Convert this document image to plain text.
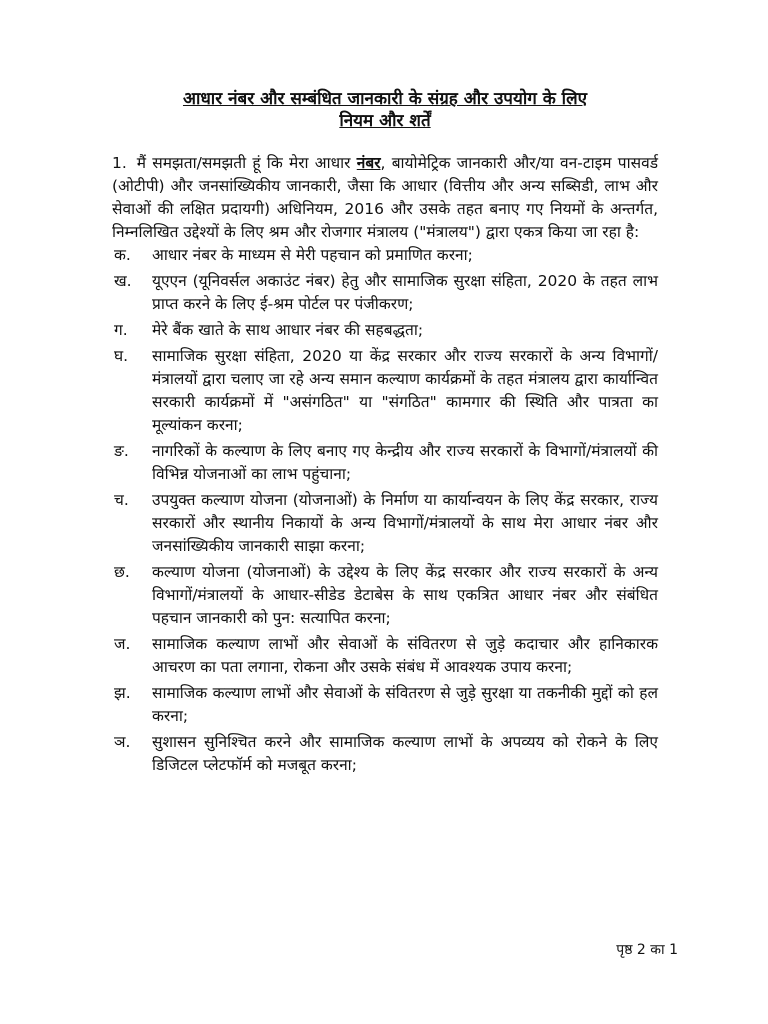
आधार नंबर और सम्बंधित जानकारी के संग्रह और उपयोग के लिए
नियम और शर्तें

1. मैं समझता/समझती हूं कि मेरा आधार नंबर, बायोमेट्रिक जानकारी और/या वन-टाइम पासवर्ड (ओटीपी) और जनसांख्यिकीय जानकारी, जैसा कि आधार (वित्तीय और अन्य सब्सिडी, लाभ और सेवाओं की लक्षित प्रदायगी) अधिनियम, 2016 और उसके तहत बनाए गए नियमों के अन्तर्गत, निम्नलिखित उद्देश्यों के लिए श्रम और रोजगार मंत्रालय ("मंत्रालय") द्वारा एकत्र किया जा रहा है:

क.	आधार नंबर के माध्यम से मेरी पहचान को प्रमाणित करना;
ख.	यूएएन (यूनिवर्सल अकाउंट नंबर) हेतु और सामाजिक सुरक्षा संहिता, 2020 के तहत लाभ प्राप्त करने के लिए ई-श्रम पोर्टल पर पंजीकरण;
ग.	मेरे बैंक खाते के साथ आधार नंबर की सहबद्धता;
घ.	सामाजिक सुरक्षा संहिता, 2020 या केंद्र सरकार और राज्य सरकारों के अन्य विभागों/मंत्रालयों द्वारा चलाए जा रहे अन्य समान कल्याण कार्यक्रमों के तहत मंत्रालय द्वारा कार्यान्वित सरकारी कार्यक्रमों में "असंगठित" या "संगठित" कामगार की स्थिति और पात्रता का मूल्यांकन करना;
ङ.	नागरिकों के कल्याण के लिए बनाए गए केन्द्रीय और राज्य सरकारों के विभागों/मंत्रालयों की विभिन्न योजनाओं का लाभ पहुंचाना;
च.	उपयुक्त कल्याण योजना (योजनाओं) के निर्माण या कार्यान्वयन के लिए केंद्र सरकार, राज्य सरकारों और स्थानीय निकायों के अन्य विभागों/मंत्रालयों के साथ मेरा आधार नंबर और जनसांख्यिकीय जानकारी साझा करना;
छ.	कल्याण योजना (योजनाओं) के उद्देश्य के लिए केंद्र सरकार और राज्य सरकारों के अन्य विभागों/मंत्रालयों के आधार-सीडेड डेटाबेस के साथ एकत्रित आधार नंबर और संबंधित पहचान जानकारी को पुन: सत्यापित करना;
ज.	सामाजिक कल्याण लाभों और सेवाओं के संवितरण से जुड़े कदाचार और हानिकारक आचरण का पता लगाना, रोकना और उसके संबंध में आवश्यक उपाय करना;
झ.	सामाजिक कल्याण लाभों और सेवाओं के संवितरण से जुड़े सुरक्षा या तकनीकी मुद्दों को हल करना;
ञ.	सुशासन सुनिश्चित करने और सामाजिक कल्याण लाभों के अपव्यय को रोकने के लिए डिजिटल प्लेटफॉर्म को मजबूत करना;
पृष्ठ 2 का 1
